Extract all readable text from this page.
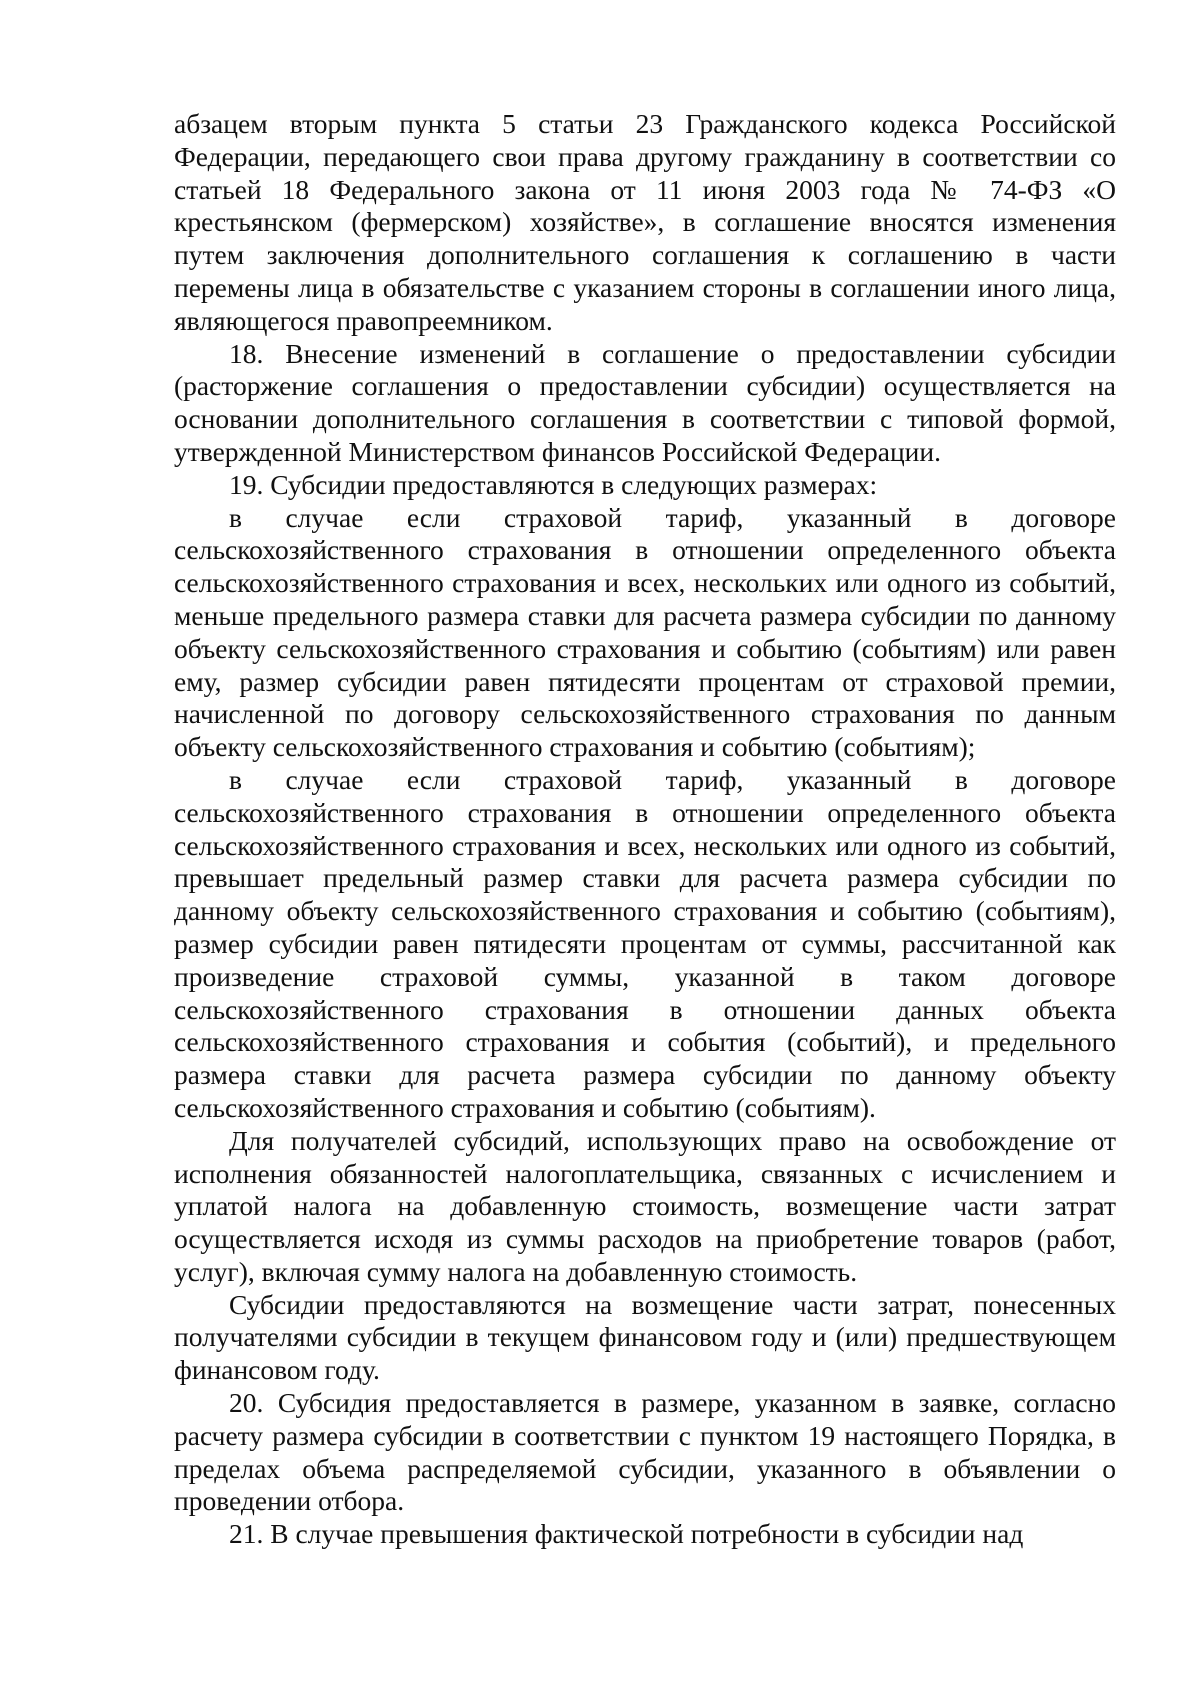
абзацем вторым пункта 5 статьи 23 Гражданского кодекса Российской Федерации, передающего свои права другому гражданину в соответствии со статьей 18 Федерального закона от 11 июня 2003 года № 74-ФЗ «О крестьянском (фермерском) хозяйстве», в соглашение вносятся изменения путем заключения дополнительного соглашения к соглашению в части перемены лица в обязательстве с указанием стороны в соглашении иного лица, являющегося правопреемником.

18. Внесение изменений в соглашение о предоставлении субсидии (расторжение соглашения о предоставлении субсидии) осуществляется на основании дополнительного соглашения в соответствии с типовой формой, утвержденной Министерством финансов Российской Федерации.

19. Субсидии предоставляются в следующих размерах:

в случае если страховой тариф, указанный в договоре сельскохозяйственного страхования в отношении определенного объекта сельскохозяйственного страхования и всех, нескольких или одного из событий, меньше предельного размера ставки для расчета размера субсидии по данному объекту сельскохозяйственного страхования и событию (событиям) или равен ему, размер субсидии равен пятидесяти процентам от страховой премии, начисленной по договору сельскохозяйственного страхования по данным объекту сельскохозяйственного страхования и событию (событиям);

в случае если страховой тариф, указанный в договоре сельскохозяйственного страхования в отношении определенного объекта сельскохозяйственного страхования и всех, нескольких или одного из событий, превышает предельный размер ставки для расчета размера субсидии по данному объекту сельскохозяйственного страхования и событию (событиям), размер субсидии равен пятидесяти процентам от суммы, рассчитанной как произведение страховой суммы, указанной в таком договоре сельскохозяйственного страхования в отношении данных объекта сельскохозяйственного страхования и события (событий), и предельного размера ставки для расчета размера субсидии по данному объекту сельскохозяйственного страхования и событию (событиям).

Для получателей субсидий, использующих право на освобождение от исполнения обязанностей налогоплательщика, связанных с исчислением и уплатой налога на добавленную стоимость, возмещение части затрат осуществляется исходя из суммы расходов на приобретение товаров (работ, услуг), включая сумму налога на добавленную стоимость.

Субсидии предоставляются на возмещение части затрат, понесенных получателями субсидии в текущем финансовом году и (или) предшествующем финансовом году.

20. Субсидия предоставляется в размере, указанном в заявке, согласно расчету размера субсидии в соответствии с пунктом 19 настоящего Порядка, в пределах объема распределяемой субсидии, указанного в объявлении о проведении отбора.

21. В случае превышения фактической потребности в субсидии над
